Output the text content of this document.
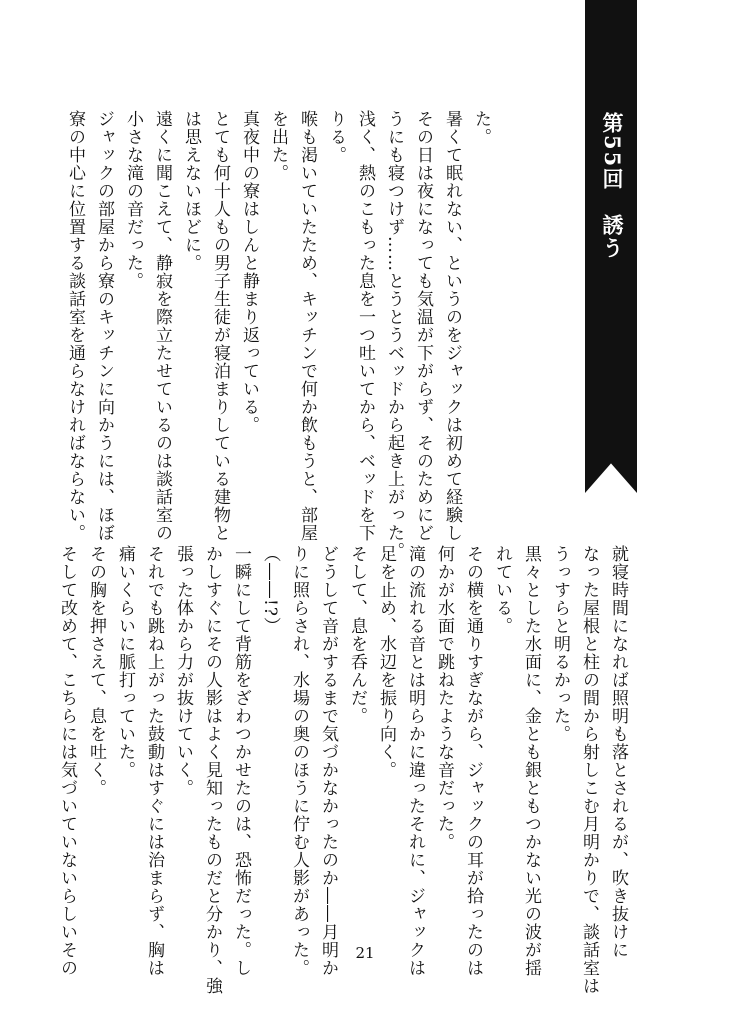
第55回　誘う
た。
暑くて眠れない、というのをジャックは初めて経験し
その日は夜になっても気温が下がらず、そのためにど
うにも寝つけず……とうとうベッドから起き上がった。
浅く、熱のこもった息を一つ吐いてから、ベッドを下
りる。
喉も渇いていたため、キッチンで何か飲もうと、部屋
を出た。
真夜中の寮はしんと静まり返っている。
とても何十人もの男子生徒が寝泊まりしている建物と
は思えないほどに。
遠くに聞こえて、静寂を際立たせているのは談話室の
小さな滝の音だった。
ジャックの部屋から寮のキッチンに向かうには、ほぼ
寮の中心に位置する談話室を通らなければならない。
就寝時間になれば照明も落とされるが、吹き抜けに
なった屋根と柱の間から射しこむ月明かりで、談話室は
うっすらと明るかった。
黒々とした水面に、金とも銀ともつかない光の波が揺
れている。
その横を通りすぎながら、ジャックの耳が拾ったのは
何かが水面で跳ねたような音だった。
滝の流れる音とは明らかに違ったそれに、ジャックは
足を止め、水辺を振り向く。
そして、息を呑んだ。
どうして音がするまで気づかなかったのか――月明か
りに照らされ、水場の奥のほうに佇む人影があった。
（――!?）
一瞬にして背筋をざわつかせたのは、恐怖だった。し
かしすぐにその人影はよく見知ったものだと分かり、強
張った体から力が抜けていく。
それでも跳ね上がった鼓動はすぐには治まらず、胸は
痛いくらいに脈打っていた。
その胸を押さえて、息を吐く。
そして改めて、こちらには気づいていないらしいその	21
